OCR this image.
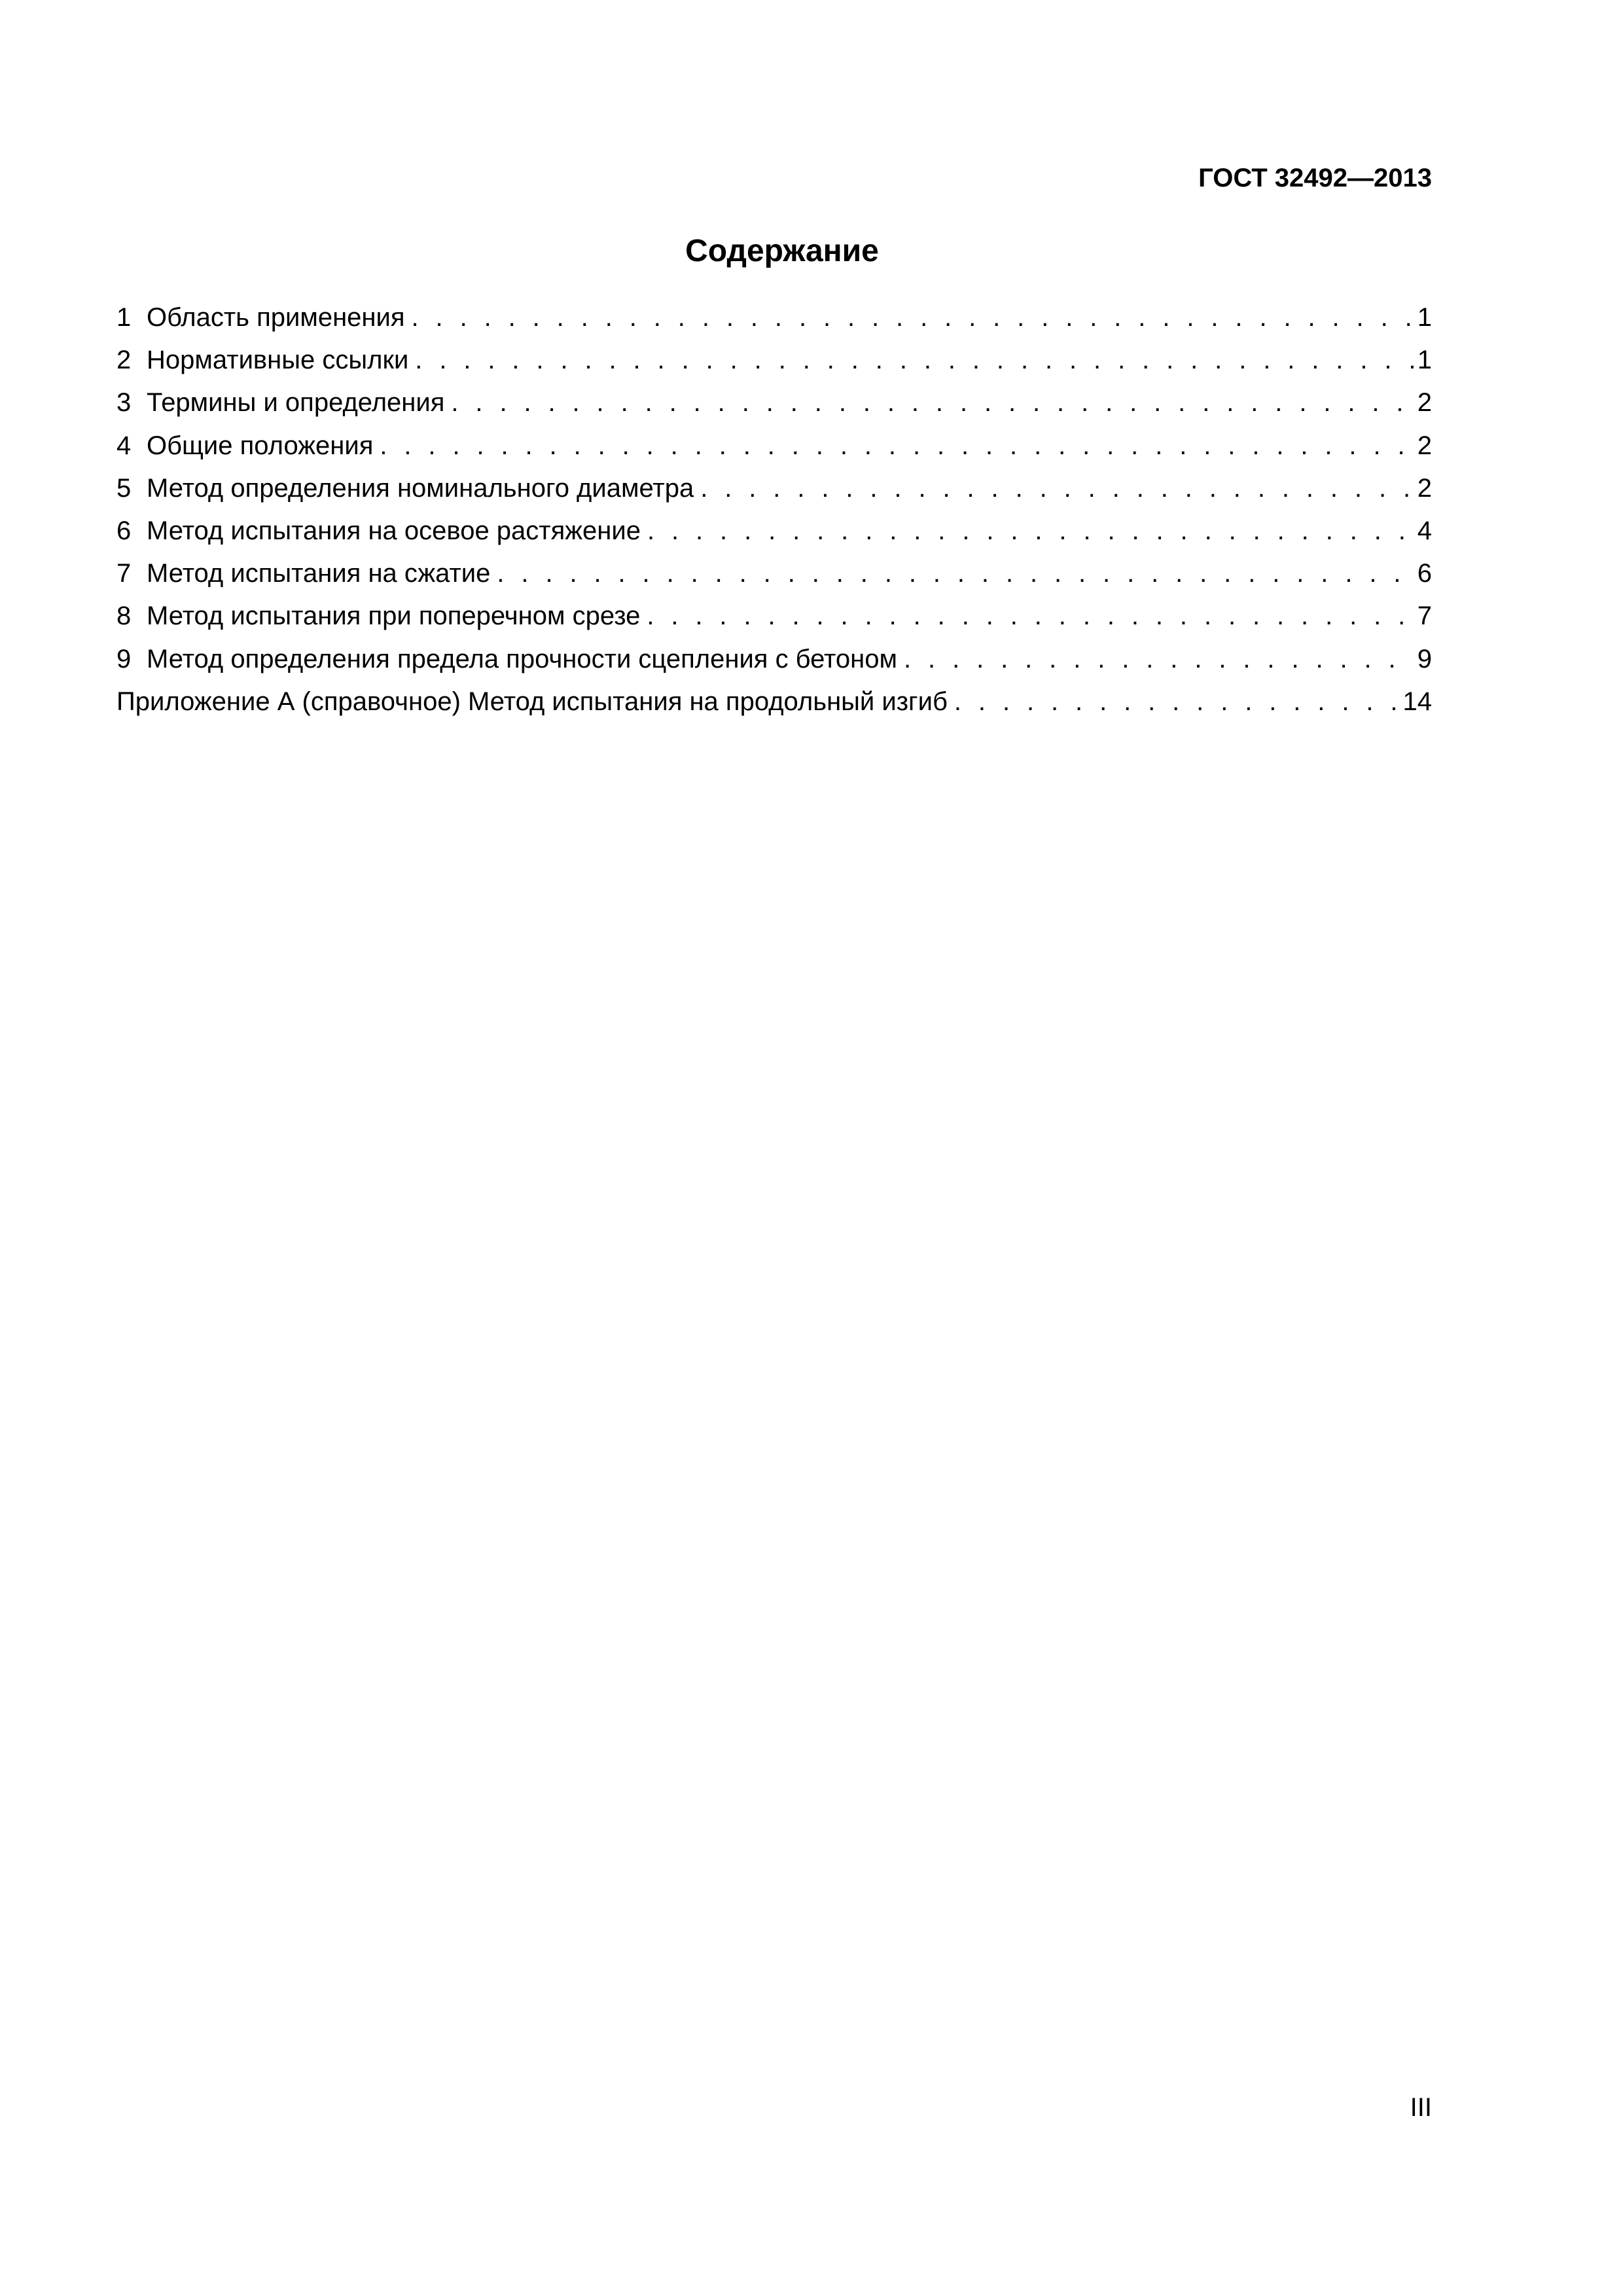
ГОСТ 32492—2013
Содержание
1 Область применения . . .	1
2 Нормативные ссылки . . .	1
3 Термины и определения . . .	2
4 Общие положения . . .	2
5 Метод определения номинального диаметра . . .	2
6 Метод испытания на осевое растяжение . . .	4
7 Метод испытания на сжатие . . .	6
8 Метод испытания при поперечном срезе . . .	7
9 Метод определения предела прочности сцепления с бетоном . . .	9
Приложение А (справочное) Метод испытания на продольный изгиб . . .	14
III
